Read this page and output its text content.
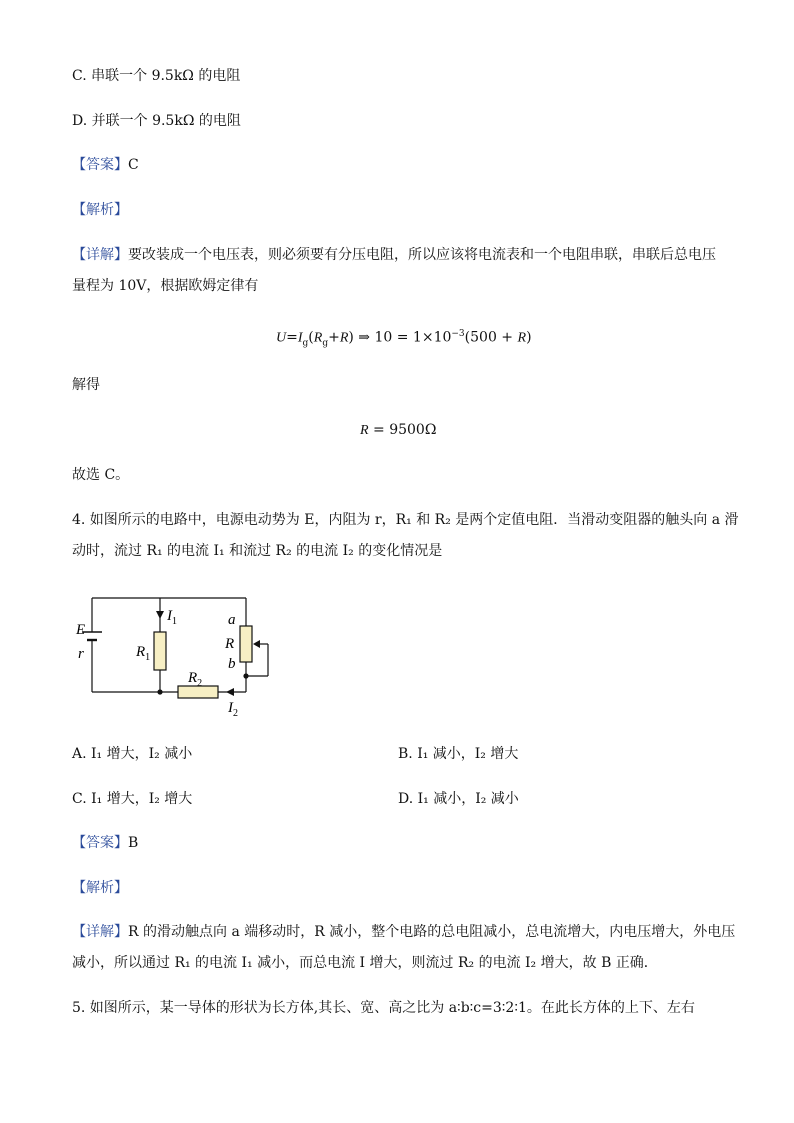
C. 串联一个 9.5kΩ 的电阻
D. 并联一个 9.5kΩ 的电阻
【答案】C
【解析】
【详解】要改装成一个电压表，则必须要有分压电阻，所以应该将电流表和一个电阻串联，串联后总电压
量程为 10V，根据欧姆定律有
$U=I_g(R_g+R)$ ⇒ $10 = 1\times 10^{-3}(500 + R)$
解得
R = 9500Ω
故选 C。
4. 如图所示的电路中，电源电动势为 E，内阻为 r，R₁ 和 R₂ 是两个定值电阻．当滑动变阻器的触头向 a 滑
动时，流过 R₁ 的电流 I₁ 和流过 R₂ 的电流 I₂ 的变化情况是
E
r
$I_1$
$R_1$
a
R
b
$R_2$
$I_2$
A. I₁ 增大，I₂ 减小	B. I₁ 减小，I₂ 增大
C. I₁ 增大，I₂ 增大	D. I₁ 减小，I₂ 减小
【答案】B
【解析】
【详解】R 的滑动触点向 a 端移动时，R 减小，整个电路的总电阻减小，总电流增大，内电压增大，外电压
减小，所以通过 R₁ 的电流 I₁ 减小，而总电流 I 增大，则流过 R₂ 的电流 I₂ 增大，故 B 正确．
5. 如图所示，某一导体的形状为长方体,其长、宽、高之比为 a∶b∶c=3∶2∶1。在此长方体的上下、左右
